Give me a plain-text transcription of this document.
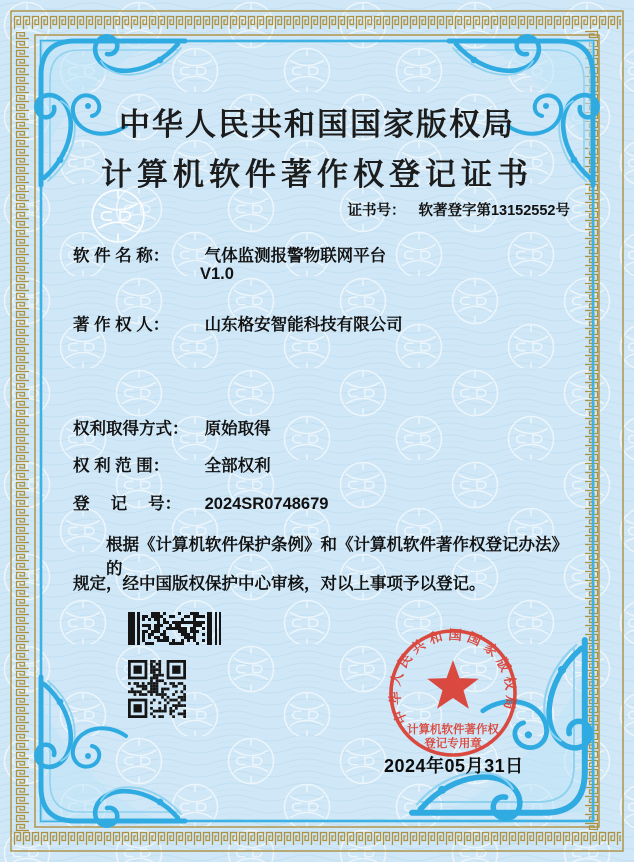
中华人民共和国国家版权局
计算机软件著作权登记证书
证书号： 软著登字第13152552号
软 件 名 称： 气体监测报警物联网平台
V1.0
著 作 权 人： 山东格安智能科技有限公司
权利取得方式： 原始取得
权 利 范 围： 全部权利
登　 记　 号： 2024SR0748679
根据《计算机软件保护条例》和《计算机软件著作权登记办法》的
规定，经中国版权保护中心审核，对以上事项予以登记。
中华人民共和国国家版权局
计算机软件著作权
登记专用章
2024年05月31日
